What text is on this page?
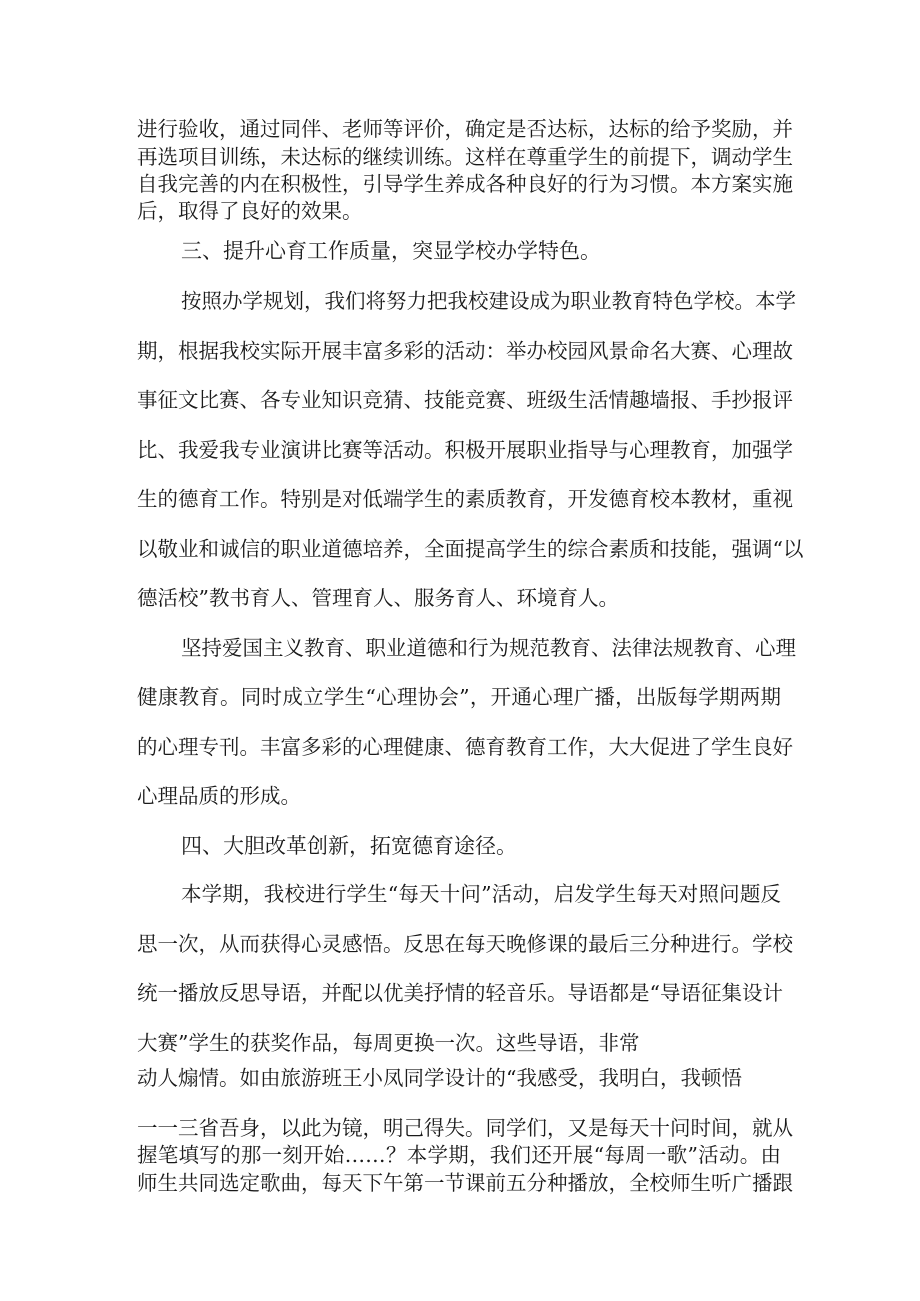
进行验收，通过同伴、老师等评价，确定是否达标，达标的给予奖励，并
再选项目训练，未达标的继续训练。这样在尊重学生的前提下，调动学生
自我完善的内在积极性，引导学生养成各种良好的行为习惯。本方案实施
后，取得了良好的效果。
三、提升心育工作质量，突显学校办学特色。
按照办学规划，我们将努力把我校建设成为职业教育特色学校。本学
期，根据我校实际开展丰富多彩的活动：举办校园风景命名大赛、心理故
事征文比赛、各专业知识竞猜、技能竞赛、班级生活情趣墙报、手抄报评
比、我爱我专业演讲比赛等活动。积极开展职业指导与心理教育，加强学
生的德育工作。特别是对低端学生的素质教育，开发德育校本教材，重视
以敬业和诚信的职业道德培养，全面提高学生的综合素质和技能，强调“以
德活校”教书育人、管理育人、服务育人、环境育人。
坚持爱国主义教育、职业道德和行为规范教育、法律法规教育、心理
健康教育。同时成立学生“心理协会”，开通心理广播，出版每学期两期
的心理专刊。丰富多彩的心理健康、德育教育工作，大大促进了学生良好
心理品质的形成。
四、大胆改革创新，拓宽德育途径。
本学期，我校进行学生“每天十问”活动，启发学生每天对照问题反
思一次，从而获得心灵感悟。反思在每天晚修课的最后三分种进行。学校
统一播放反思导语，并配以优美抒情的轻音乐。导语都是“导语征集设计
大赛”学生的获奖作品，每周更换一次。这些导语，非常
动人煽情。如由旅游班王小凤同学设计的“我感受，我明白，我顿悟
一一三省吾身，以此为镜，明己得失。同学们，又是每天十问时间，就从
握笔填写的那一刻开始……？本学期，我们还开展“每周一歌”活动。由
师生共同选定歌曲，每天下午第一节课前五分种播放，全校师生听广播跟
